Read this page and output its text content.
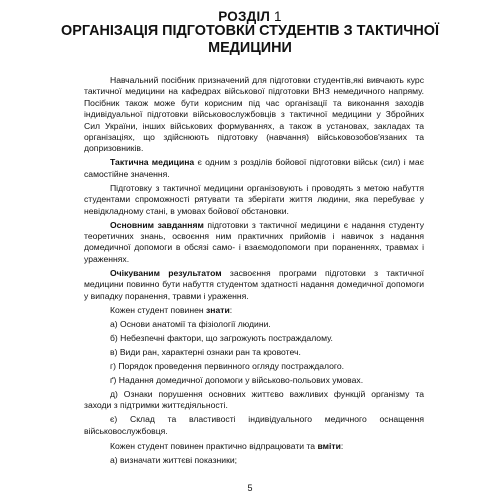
РОЗДІЛ 1
ОРГАНІЗАЦІЯ ПІДГОТОВКИ СТУДЕНТІВ З ТАКТИЧНОЇ МЕДИЦИНИ

Навчальний посібник призначений для підготовки студентів,які вивчають курс тактичної медицини на кафедрах військової підготовки ВНЗ немедичного напряму. Посібник також може бути корисним під час організації та виконання заходів індивідуальної підготовки військовослужбовців з тактичної медицини у Збройних Сил України, інших військових формуваннях, а також в установах, закладах та організаціях, що здійснюють підготовку (навчання) військовозобов'язаних та допризовників.

Тактична медицина є одним з розділів бойової підготовки військ (сил) і має самостійне значення.

Підготовку з тактичної медицини організовують і проводять з метою набуття студентами спроможності рятувати та зберігати життя людини, яка перебуває у невідкладному стані, в умовах бойової обстановки.

Основним завданням підготовки з тактичної медицини є надання студенту теоретичних знань, освоєння ним практичних прийомів і навичок з надання домедичної допомоги в обсязі само- і взаємодопомоги при пораненнях, травмах і ураженнях.

Очікуваним результатом засвоєння програми підготовки з тактичної медицини повинно бути набуття студентом здатності надання домедичної допомоги у випадку поранення, травми і ураження.

Кожен студент повинен знати:

а) Основи анатомії та фізіології людини.

б) Небезпечні фактори, що загрожують постраждалому.

в) Види ран, характерні ознаки ран та кровотеч.

г) Порядок проведення первинного огляду постраждалого.

ґ) Надання домедичної допомоги у військово-польових умовах.

д) Ознаки порушення основних життєво важливих функцій організму та заходи з підтримки життєдіяльності.

є) Склад та властивості індивідуального медичного оснащення військовослужбовця.

Кожен студент повинен практично відпрацювати та вміти:

а) визначати життєві показники;

5
